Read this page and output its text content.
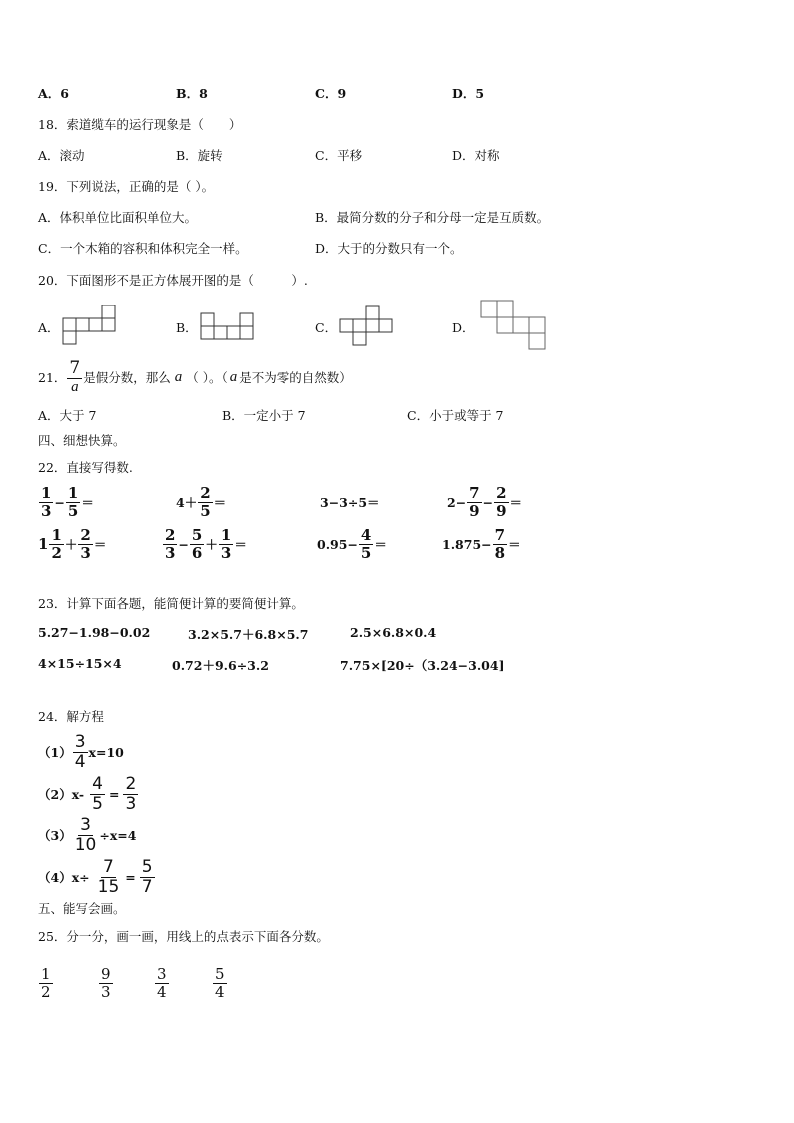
A．6	B．8	C．9	D．5
18．索道缆车的运行现象是（　　）
A．滚动	B．旋转	C．平移	D．对称
19．下列说法，正确的是（ ）。
A．体积单位比面积单位大。	B．最简分数的分子和分母一定是互质数。
C．一个木箱的容积和体积完全一样。	D．大于的分数只有一个。
20．下面图形不是正方体展开图的是（　　　）.
A．	B．	C．	D．
21． $\frac{7}{a}$ 是假分数，那么 a （ ）。（ a 是不为零的自然数）
A．大于 7	B．一定小于 7	C．小于或等于 7
四、细想快算。
22．直接写得数.
$\frac{1}{3} - \frac{1}{5}$ ＝	$4+ \frac{2}{5}$ ＝	3−3÷5＝	$2- \frac{7}{9} - \frac{2}{9}$ ＝
$1 \frac{1}{2} + \frac{2}{3}$ ＝	$\frac{2}{3} - \frac{5}{6} + \frac{1}{3}$ ＝	$0.95- \frac{4}{5}$ ＝	$1.875- \frac{7}{8}$ ＝
23．计算下面各题，能简便计算的要简便计算。
5.27−1.98−0.02	3.2×5.7＋6.8×5.7	2.5×6.8×0.4
4×15÷15×4	0.72＋9.6÷3.2	7.75×[20÷（3.24−3.04]
24．解方程
$(1) \frac{3}{4} x=10$
$(2)x- \frac{4}{5} = \frac{2}{3}$
$(3) \frac{3}{10} \div x=4$
$(4)x\div \frac{7}{15} = \frac{5}{7}$
五、能写会画。
25．分一分，画一画，用线上的点表示下面各分数。
$\frac{1}{2}$	$\frac{9}{3}$	$\frac{3}{4}$	$\frac{5}{4}$
